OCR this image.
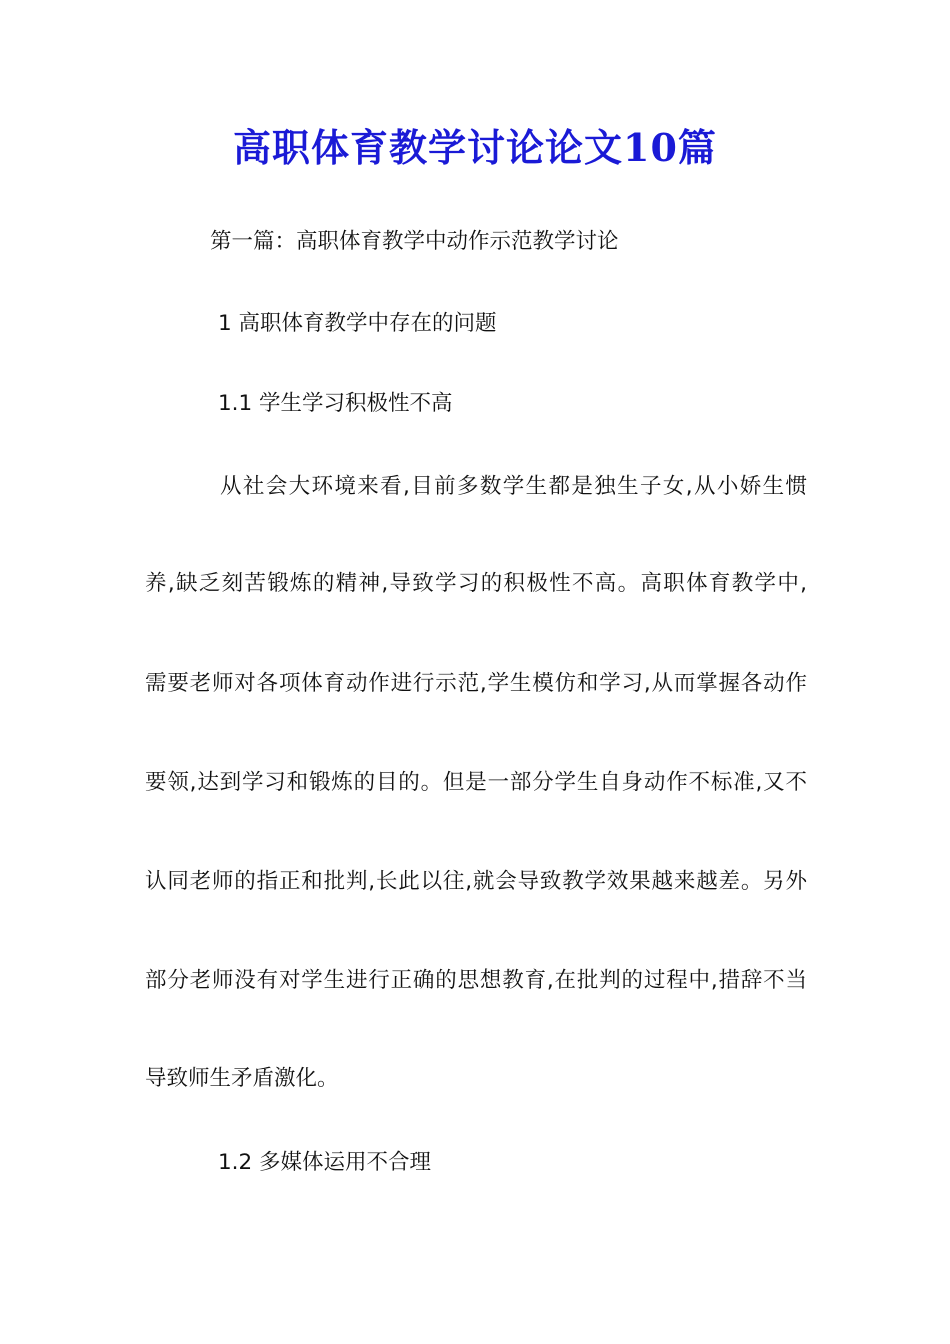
高职体育教学讨论论文10篇
第一篇：高职体育教学中动作示范教学讨论
1 高职体育教学中存在的问题
1.1 学生学习积极性不高
从社会大环境来看,目前多数学生都是独生子女,从小娇生惯
养,缺乏刻苦锻炼的精神,导致学习的积极性不高。高职体育教学中,
需要老师对各项体育动作进行示范,学生模仿和学习,从而掌握各动作
要领,达到学习和锻炼的目的。但是一部分学生自身动作不标准,又不
认同老师的指正和批判,长此以往,就会导致教学效果越来越差。另外
部分老师没有对学生进行正确的思想教育,在批判的过程中,措辞不当
导致师生矛盾激化。
1.2 多媒体运用不合理
